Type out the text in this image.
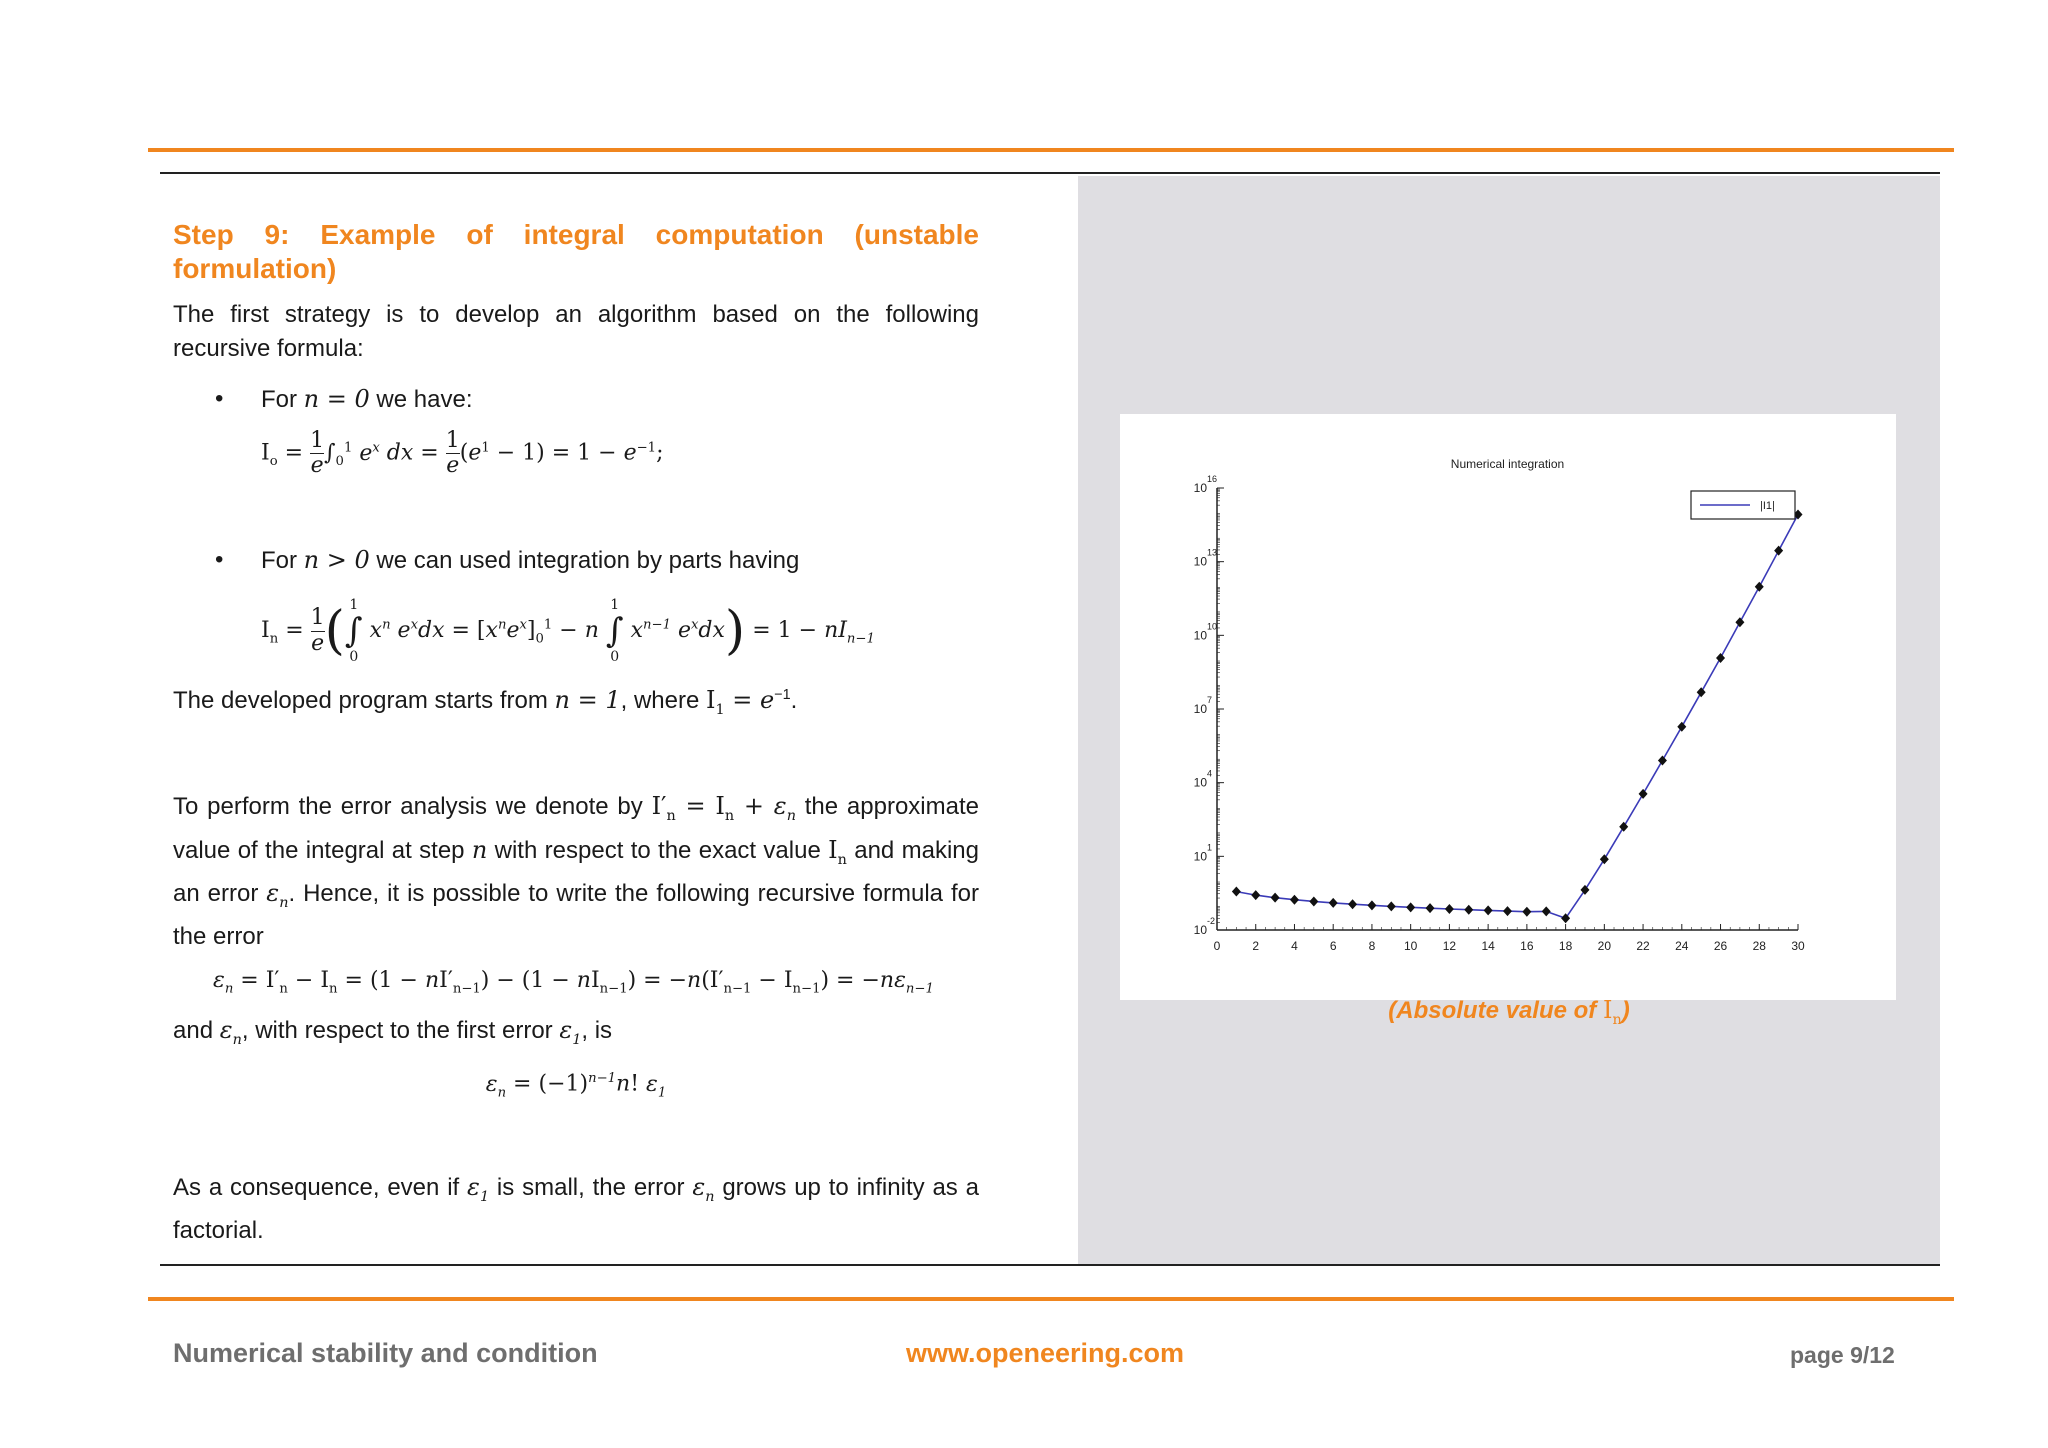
Step 9: Example of integral computation (unstable formulation)

The first strategy is to develop an algorithm based on the following recursive formula:

• For n = 0 we have:
$I_o = \frac{1}{e} \int_0^1$ $e^x$ dx = $\frac{1}{e} (e^1 - 1) = 1 - e^{-1}$;
• For n > 0 we can used integration by parts having
$I_n = \frac{1}{e}$ ( 1
∫
0
$x^n$ $e^xdx = [x^ne^x]_0^1 - n$
1
∫
0
$x^{n-1}$ $e^xdx) = 1 - nI_{n-1}$

The developed program starts from n = 1, where $I_1 = e^{-1}$.

To perform the error analysis we denote by $I'_n = I_n + \varepsilon_n$ the approximate value of the integral at step n with respect to the exact value $I_n$ and making an error $\varepsilon_n$. Hence, it is possible to write the following recursive formula for the error

$\varepsilon_n = I'_n - I_n = (1 - nI'_{n-1}) - (1 - nI_{n-1}) = -n(I'_{n-1} - I_{n-1}) = -n\varepsilon_{n-1}$

and $\varepsilon_n$, with respect to the first error $\varepsilon_1$, is

$\varepsilon_n = (-1)^{n-1}n$! $\varepsilon_1$

As a consequence, even if $\varepsilon_1$ is small, the error $\varepsilon_n$ grows up to infinity as a factorial.

Numerical integration
0	2	4	6	8 10 12 14 16 18 20 22 24 26 28 30
10
-2
10
1
10
4
10
7
10
10
10
13
10
16
|I1|
(Absolute value of $I_n$)
Numerical stability and condition	www.openeering.com	page 9/12
